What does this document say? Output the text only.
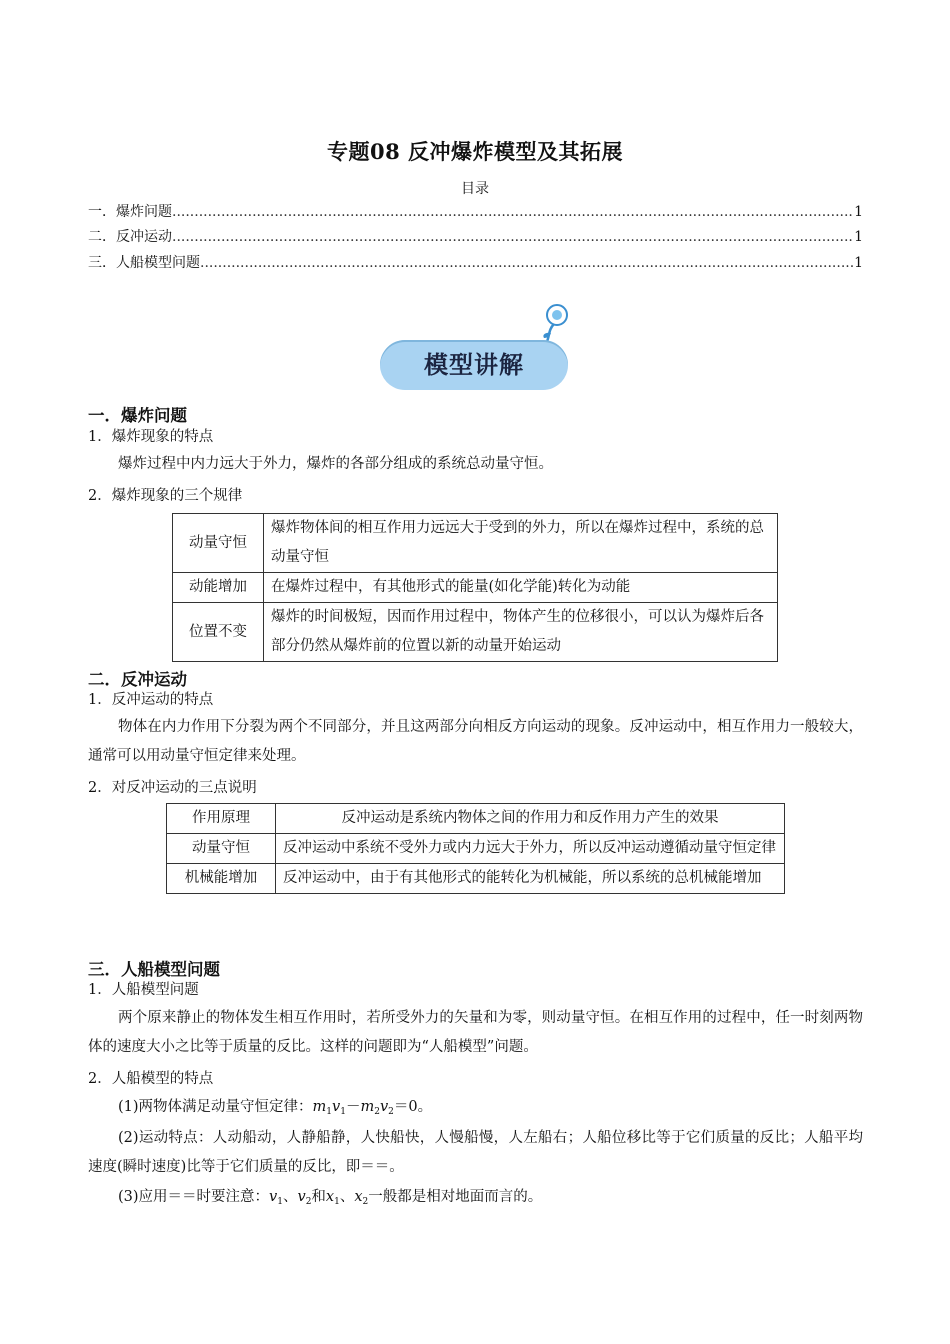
专题08 反冲爆炸模型及其拓展
目录
一．爆炸问题 .....	1
二．反冲运动 .....	1
三．人船模型问题 .....	1
模型讲解
一．爆炸问题
1．爆炸现象的特点
爆炸过程中内力远大于外力，爆炸的各部分组成的系统总动量守恒。
2．爆炸现象的三个规律
动量守恒	爆炸物体间的相互作用力远远大于受到的外力，所以在爆炸过程中，系统的总动量守恒
动能增加	在爆炸过程中，有其他形式的能量(如化学能)转化为动能
位置不变	爆炸的时间极短，因而作用过程中，物体产生的位移很小，可以认为爆炸后各部分仍然从爆炸前的位置以新的动量开始运动
二．反冲运动
1．反冲运动的特点
物体在内力作用下分裂为两个不同部分，并且这两部分向相反方向运动的现象。反冲运动中，相互作用力一般较大，通常可以用动量守恒定律来处理。
2．对反冲运动的三点说明
作用原理	反冲运动是系统内物体之间的作用力和反作用力产生的效果
动量守恒	反冲运动中系统不受外力或内力远大于外力，所以反冲运动遵循动量守恒定律
机械能增加	反冲运动中，由于有其他形式的能转化为机械能，所以系统的总机械能增加
三．人船模型问题
1．人船模型问题
两个原来静止的物体发生相互作用时，若所受外力的矢量和为零，则动量守恒。在相互作用的过程中，任一时刻两物体的速度大小之比等于质量的反比。这样的问题即为“人船模型”问题。
2．人船模型的特点
(1)两物体满足动量守恒定律：$m_1v_1-m_2v_2=0$。
(2)运动特点：人动船动，人静船静，人快船快，人慢船慢，人左船右；人船位移比等于它们质量的反比；人船平均速度(瞬时速度)比等于它们质量的反比，即＝＝。
(3)应用＝＝时要注意：$v_1$、$v_2$和$x_1$、$x_2$一般都是相对地面而言的。
